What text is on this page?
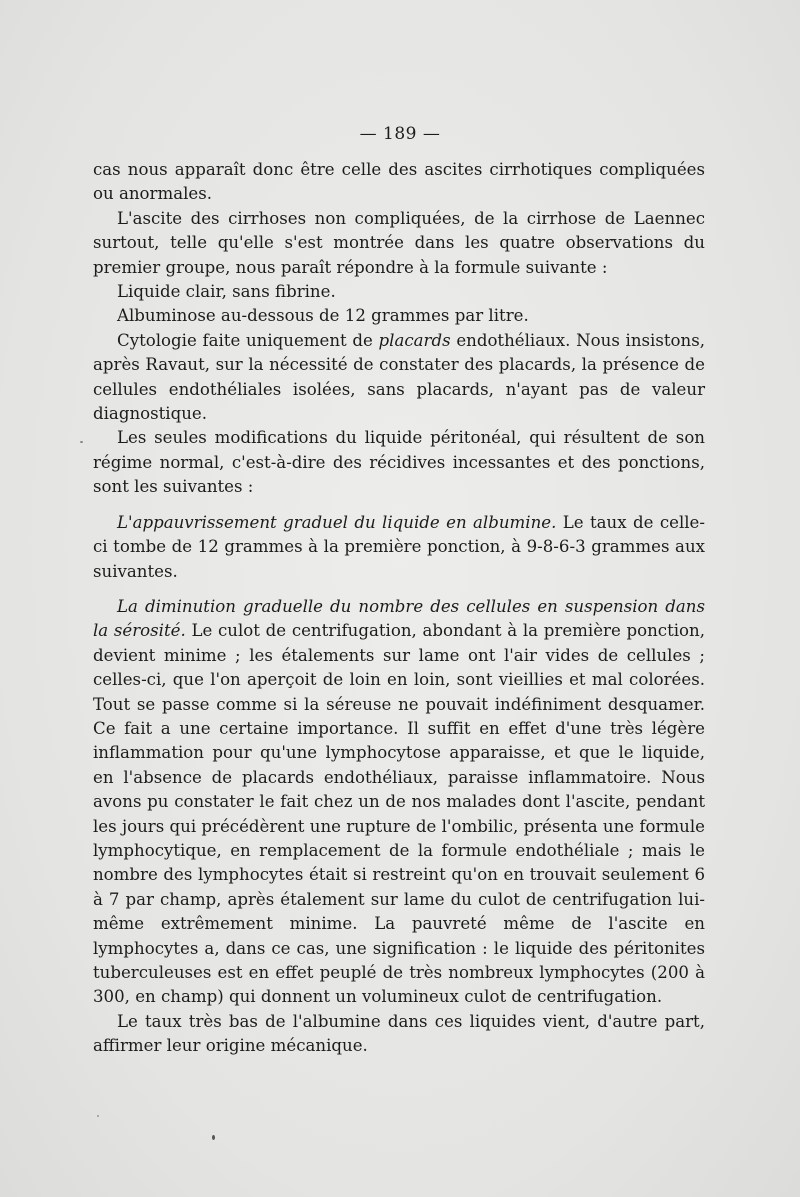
— 189 —

cas nous apparaît donc être celle des ascites cirrhotiques compliquées ou anormales.

L'ascite des cirrhoses non compliquées, de la cirrhose de Laennec surtout, telle qu'elle s'est montrée dans les quatre observations du premier groupe, nous paraît répondre à la formule suivante :

Liquide clair, sans fibrine.

Albuminose au-dessous de 12 grammes par litre.

Cytologie faite uniquement de placards endothéliaux. Nous insistons, après Ravaut, sur la nécessité de constater des placards, la présence de cellules endothéliales isolées, sans placards, n'ayant pas de valeur diagnostique.

Les seules modifications du liquide péritonéal, qui résultent de son régime normal, c'est-à-dire des récidives incessantes et des ponctions, sont les suivantes :

L'appauvrissement graduel du liquide en albumine. Le taux de celle-ci tombe de 12 grammes à la première ponction, à 9-8-6-3 grammes aux suivantes.

La diminution graduelle du nombre des cellules en suspension dans la sérosité. Le culot de centrifugation, abondant à la première ponction, devient minime ; les étalements sur lame ont l'air vides de cellules ; celles-ci, que l'on aperçoit de loin en loin, sont vieillies et mal colorées. Tout se passe comme si la séreuse ne pouvait indéfiniment desquamer. Ce fait a une certaine importance. Il suffit en effet d'une très légère inflammation pour qu'une lymphocytose apparaisse, et que le liquide, en l'absence de placards endothéliaux, paraisse inflammatoire. Nous avons pu constater le fait chez un de nos malades dont l'ascite, pendant les jours qui précédèrent une rupture de l'ombilic, présenta une formule lymphocytique, en remplacement de la formule endothéliale ; mais le nombre des lymphocytes était si restreint qu'on en trouvait seulement 6 à 7 par champ, après étalement sur lame du culot de centrifugation lui-même extrêmement minime. La pauvreté même de l'ascite en lymphocytes a, dans ce cas, une signification : le liquide des péritonites tuberculeuses est en effet peuplé de très nombreux lymphocytes (200 à 300, en champ) qui donnent un volumineux culot de centrifugation.

Le taux très bas de l'albumine dans ces liquides vient, d'autre part, affirmer leur origine mécanique.
